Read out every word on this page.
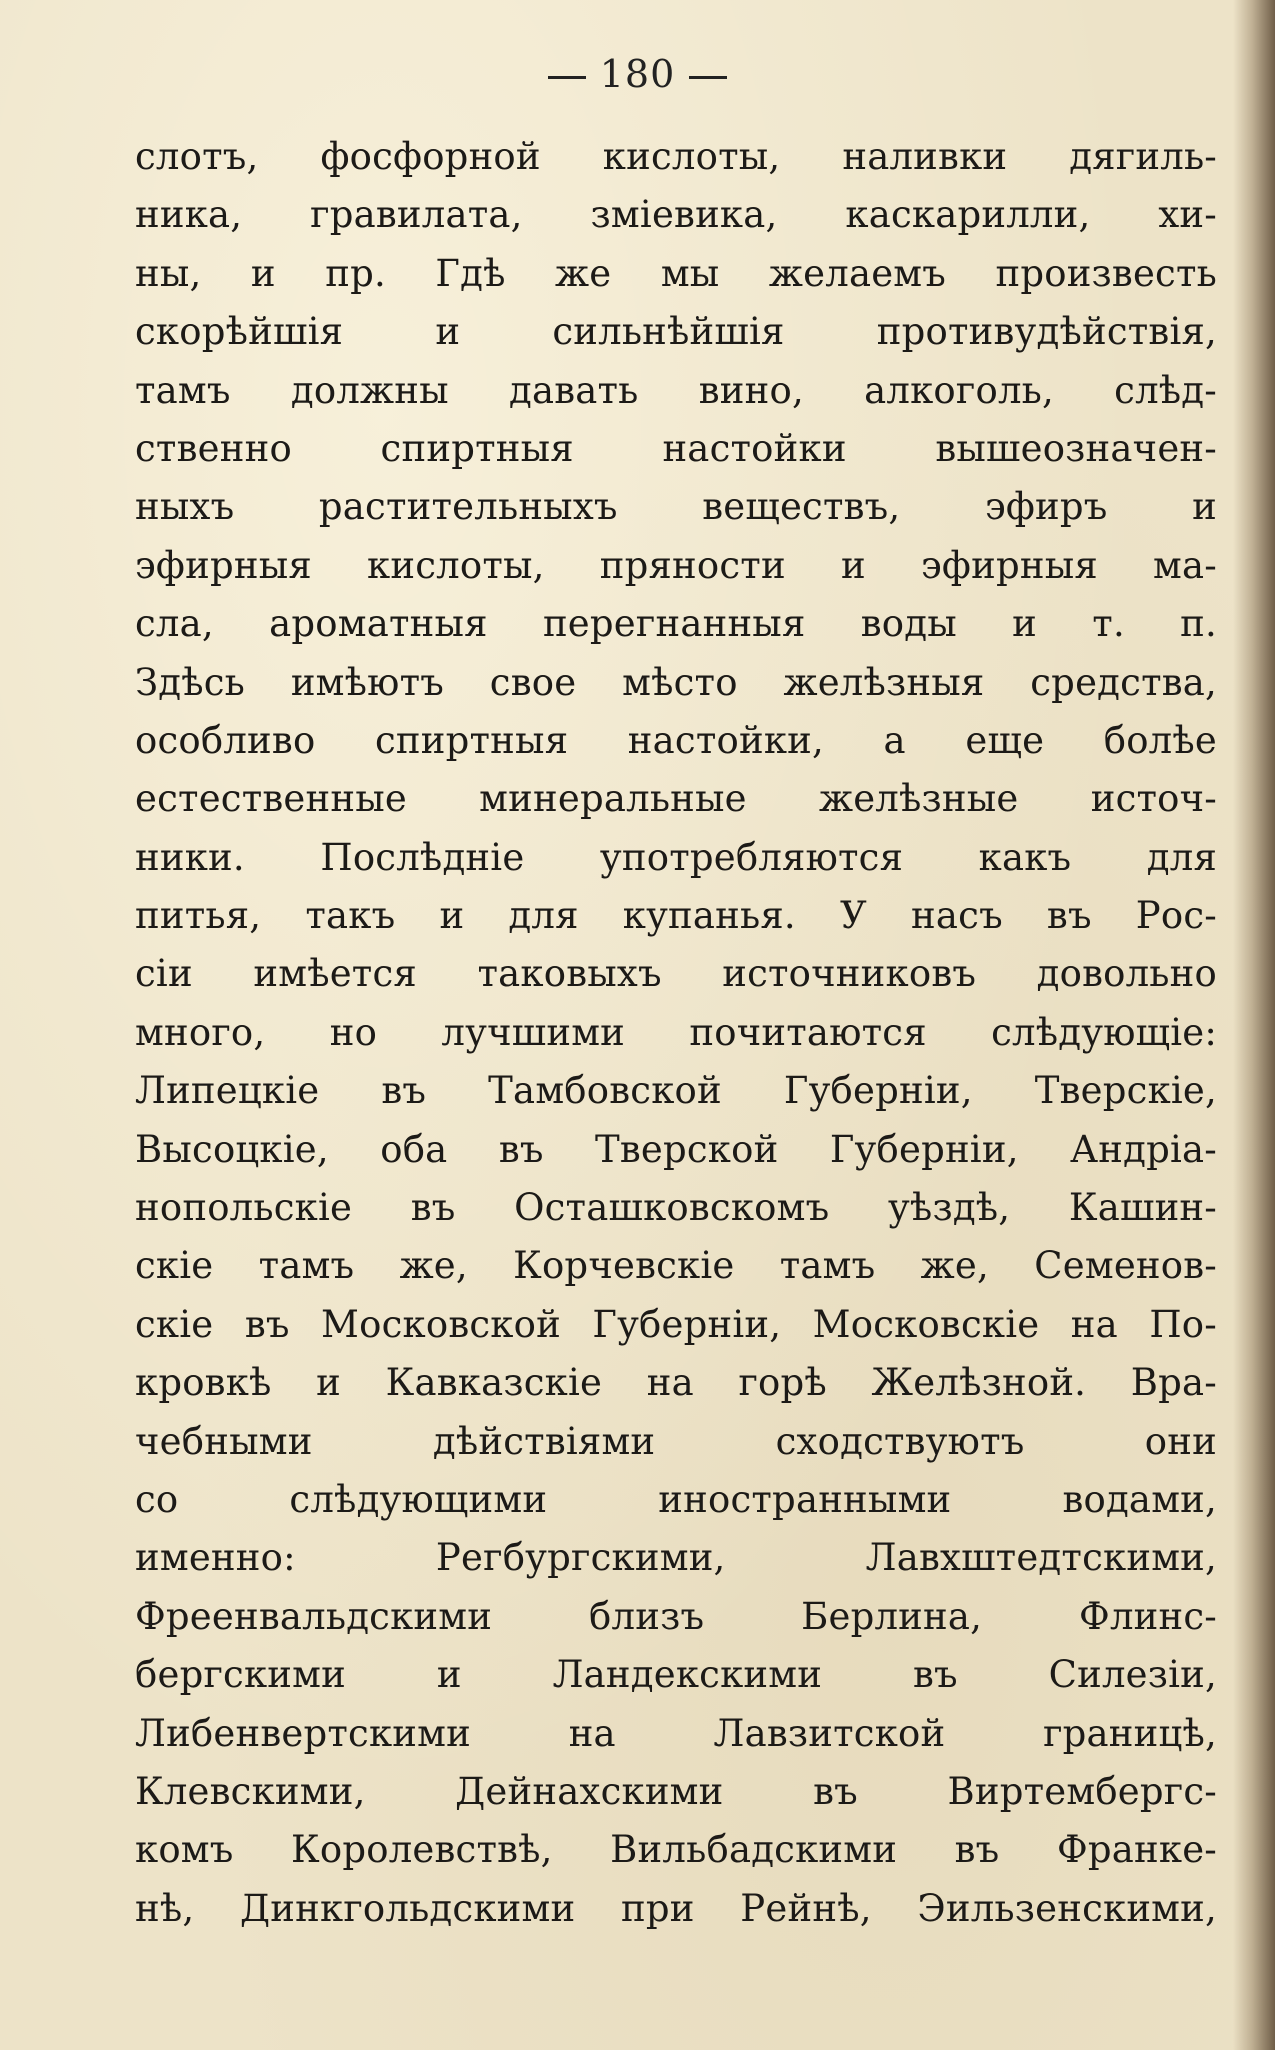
180
слотъ, фосфорной кислоты, наливки дягиль-
ника, гравилата, зміевика, каскарилли, хи-
ны, и пр. Гдѣ же мы желаемъ произвесть
скорѣйшія и сильнѣйшія противудѣйствія,
тамъ должны давать вино, алкоголь, слѣд-
ственно спиртныя настойки вышеозначен-
ныхъ растительныхъ веществъ, эфиръ и
эфирныя кислоты, пряности и эфирныя ма-
сла, ароматныя перегнанныя воды и т. п.
Здѣсь имѣютъ свое мѣсто желѣзныя средства,
особливо спиртныя настойки, а еще болѣе
естественные минеральные желѣзные источ-
ники. Послѣдніе употребляются какъ для
питья, такъ и для купанья. У насъ въ Рос-
сіи имѣется таковыхъ источниковъ довольно
много, но лучшими почитаются слѣдующіе:
Липецкіе въ Тамбовской Губерніи, Тверскіе,
Высоцкіе, оба въ Тверской Губерніи, Андріа-
нопольскіе въ Осташковскомъ уѣздѣ, Кашин-
скіе тамъ же, Корчевскіе тамъ же, Семенов-
скіе въ Московской Губерніи, Московскіе на По-
кровкѣ и Кавказскіе на горѣ Желѣзной. Вра-
чебными дѣйствіями сходствуютъ они
со слѣдующими иностранными водами,
именно: Регбургскими, Лавхштедтскими,
Фреенвальдскими близъ Берлина, Флинс-
бергскими и Ландекскими въ Силезіи,
Либенвертскими на Лавзитской границѣ,
Клевскими, Дейнахскими въ Виртембергс-
комъ Королевствѣ, Вильбадскими въ Франке-
нѣ, Динкгольдскими при Рейнѣ, Эильзенскими,
